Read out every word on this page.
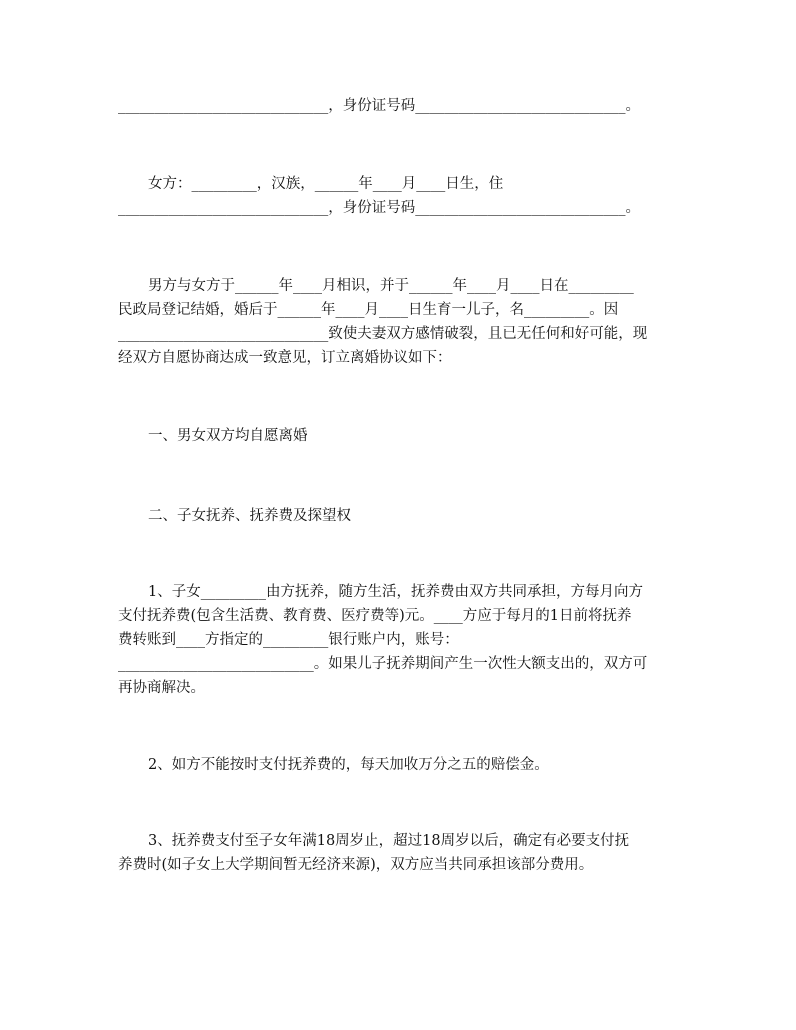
_____________________________，身份证号码_____________________________。

女方：_________，汉族，______年____月____日生，住

_____________________________，身份证号码_____________________________。

男方与女方于______年____月相识，并于______年____月____日在_________

民政局登记结婚，婚后于______年____月____日生育一儿子，名_________。因

_____________________________致使夫妻双方感情破裂，且已无任何和好可能，现

经双方自愿协商达成一致意见，订立离婚协议如下：

一、男女双方均自愿离婚

二、子女抚养、抚养费及探望权

1、子女_________由方抚养，随方生活，抚养费由双方共同承担，方每月向方

支付抚养费(包含生活费、教育费、医疗费等)元。____方应于每月的1日前将抚养

费转账到____方指定的_________银行账户内，账号：

___________________________。如果儿子抚养期间产生一次性大额支出的，双方可

再协商解决。

2、如方不能按时支付抚养费的，每天加收万分之五的赔偿金。

3、抚养费支付至子女年满18周岁止，超过18周岁以后，确定有必要支付抚

养费时(如子女上大学期间暂无经济来源)，双方应当共同承担该部分费用。
